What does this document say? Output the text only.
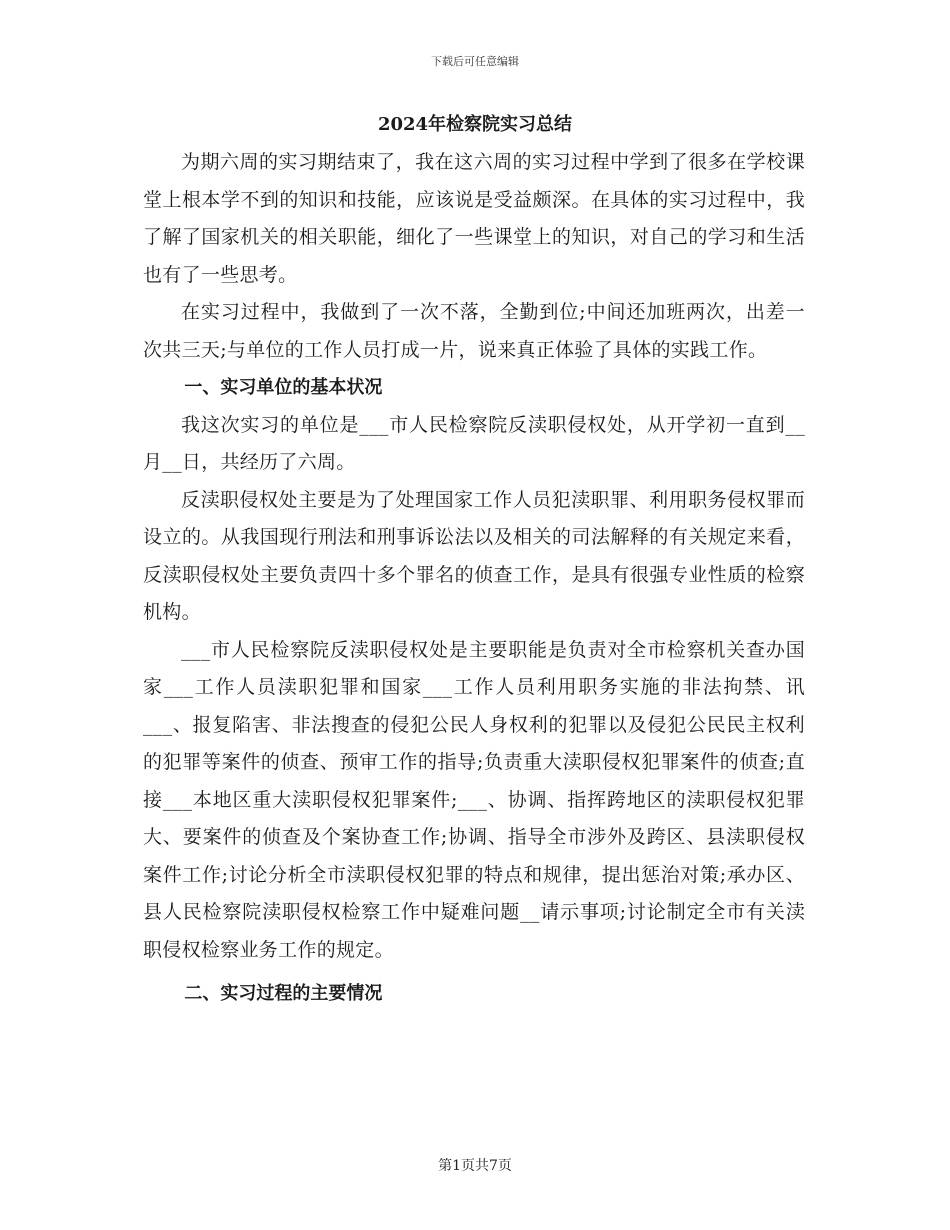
下载后可任意编辑
2024年检察院实习总结

为期六周的实习期结束了，我在这六周的实习过程中学到了很多在学校课堂上根本学不到的知识和技能，应该说是受益颇深。在具体的实习过程中，我了解了国家机关的相关职能，细化了一些课堂上的知识，对自己的学习和生活也有了一些思考。

在实习过程中，我做到了一次不落，全勤到位;中间还加班两次，出差一次共三天;与单位的工作人员打成一片，说来真正体验了具体的实践工作。

一、实习单位的基本状况

我这次实习的单位是___市人民检察院反渎职侵权处，从开学初一直到__月__日，共经历了六周。

反渎职侵权处主要是为了处理国家工作人员犯渎职罪、利用职务侵权罪而设立的。从我国现行刑法和刑事诉讼法以及相关的司法解释的有关规定来看，反渎职侵权处主要负责四十多个罪名的侦查工作，是具有很强专业性质的检察机构。

___市人民检察院反渎职侵权处是主要职能是负责对全市检察机关查办国家___工作人员渎职犯罪和国家___工作人员利用职务实施的非法拘禁、讯___、报复陷害、非法搜查的侵犯公民人身权利的犯罪以及侵犯公民民主权利的犯罪等案件的侦查、预审工作的指导;负责重大渎职侵权犯罪案件的侦查;直接___本地区重大渎职侵权犯罪案件;___、协调、指挥跨地区的渎职侵权犯罪大、要案件的侦查及个案协查工作;协调、指导全市涉外及跨区、县渎职侵权案件工作;讨论分析全市渎职侵权犯罪的特点和规律，提出惩治对策;承办区、县人民检察院渎职侵权检察工作中疑难问题__请示事项;讨论制定全市有关渎职侵权检察业务工作的规定。

二、实习过程的主要情况
第1页共7页
